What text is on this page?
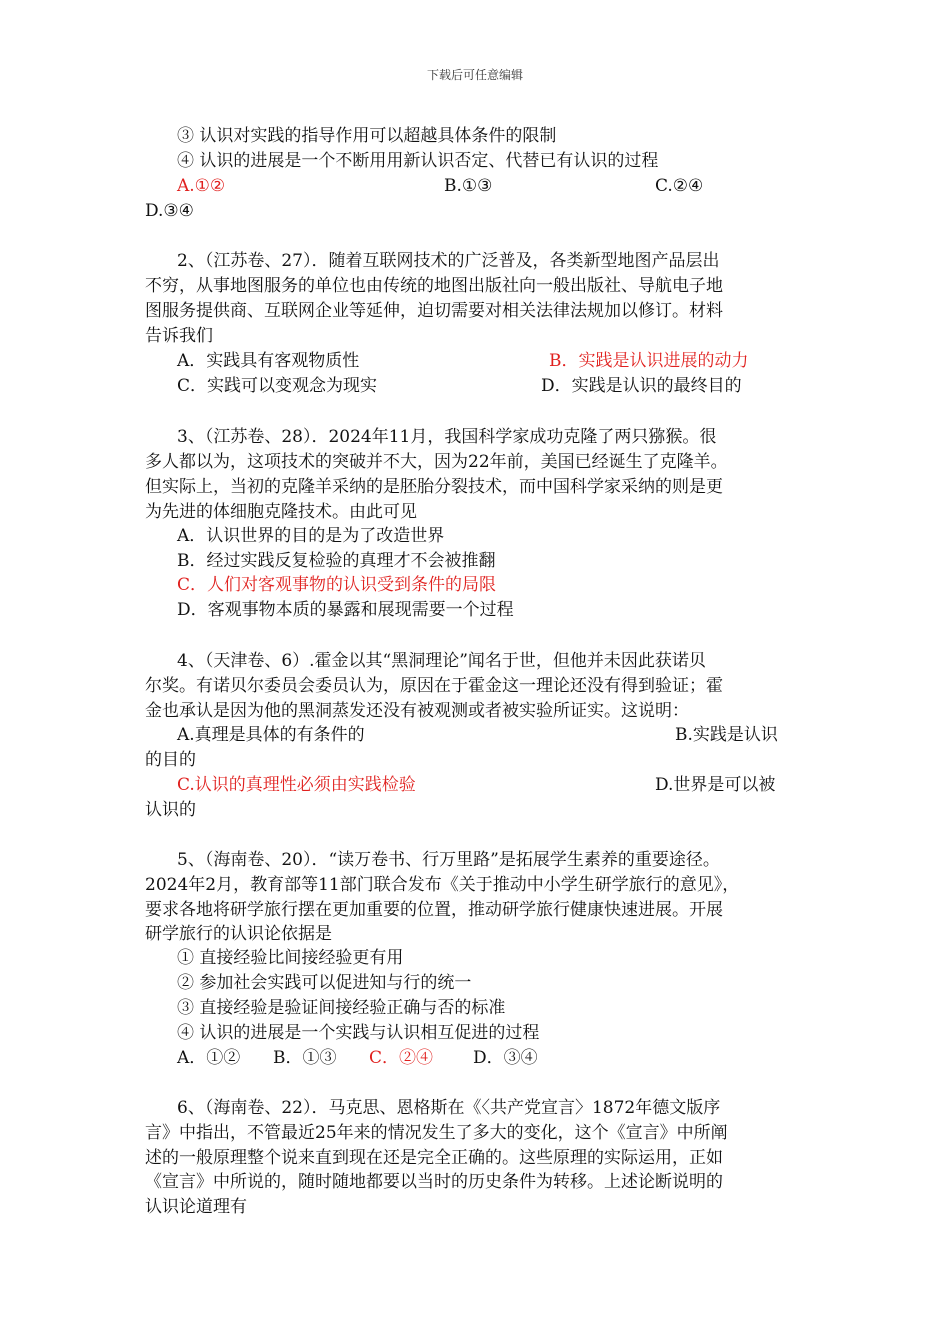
下载后可任意编辑
③ 认识对实践的指导作用可以超越具体条件的限制
④ 认识的进展是一个不断用用新认识否定、代替已有认识的过程
A.①②	B.①③	C.②④
D.③④
2、（江苏卷、27）．随着互联网技术的广泛普及，各类新型地图产品层出
不穷，从事地图服务的单位也由传统的地图出版社向一般出版社、导航电子地
图服务提供商、互联网企业等延伸，迫切需要对相关法律法规加以修订。材料
告诉我们
A．实践具有客观物质性	B．实践是认识进展的动力
C．实践可以变观念为现实	D．实践是认识的最终目的
3、（江苏卷、28）．2024年11月，我国科学家成功克隆了两只猕猴。很
多人都以为，这项技术的突破并不大，因为22年前，美国已经诞生了克隆羊。
但实际上，当初的克隆羊采纳的是胚胎分裂技术，而中国科学家采纳的则是更
为先进的体细胞克隆技术。由此可见
A．认识世界的目的是为了改造世界
B．经过实践反复检验的真理才不会被推翻
C．人们对客观事物的认识受到条件的局限
D．客观事物本质的暴露和展现需要一个过程
4、（天津卷、6）.霍金以其“黑洞理论”闻名于世，但他并未因此获诺贝
尔奖。有诺贝尔委员会委员认为，原因在于霍金这一理论还没有得到验证；霍
金也承认是因为他的黑洞蒸发还没有被观测或者被实验所证实。这说明：
A.真理是具体的有条件的	B.实践是认识
的目的
C.认识的真理性必须由实践检验	D.世界是可以被
认识的
5、（海南卷、20）．“读万卷书、行万里路”是拓展学生素养的重要途径。
2024年2月，教育部等11部门联合发布《关于推动中小学生研学旅行的意见》，
要求各地将研学旅行摆在更加重要的位置，推动研学旅行健康快速进展。开展
研学旅行的认识论依据是
① 直接经验比间接经验更有用
② 参加社会实践可以促进知与行的统一
③ 直接经验是验证间接经验正确与否的标准
④ 认识的进展是一个实践与认识相互促进的过程
A．①② B．①③ C．②④ D．③④
6、（海南卷、22）．马克思、恩格斯在《〈共产党宣言〉1872年德文版序
言》中指出，不管最近25年来的情况发生了多大的变化，这个《宣言》中所阐
述的一般原理整个说来直到现在还是完全正确的。这些原理的实际运用，正如
《宣言》中所说的，随时随地都要以当时的历史条件为转移。上述论断说明的
认识论道理有
